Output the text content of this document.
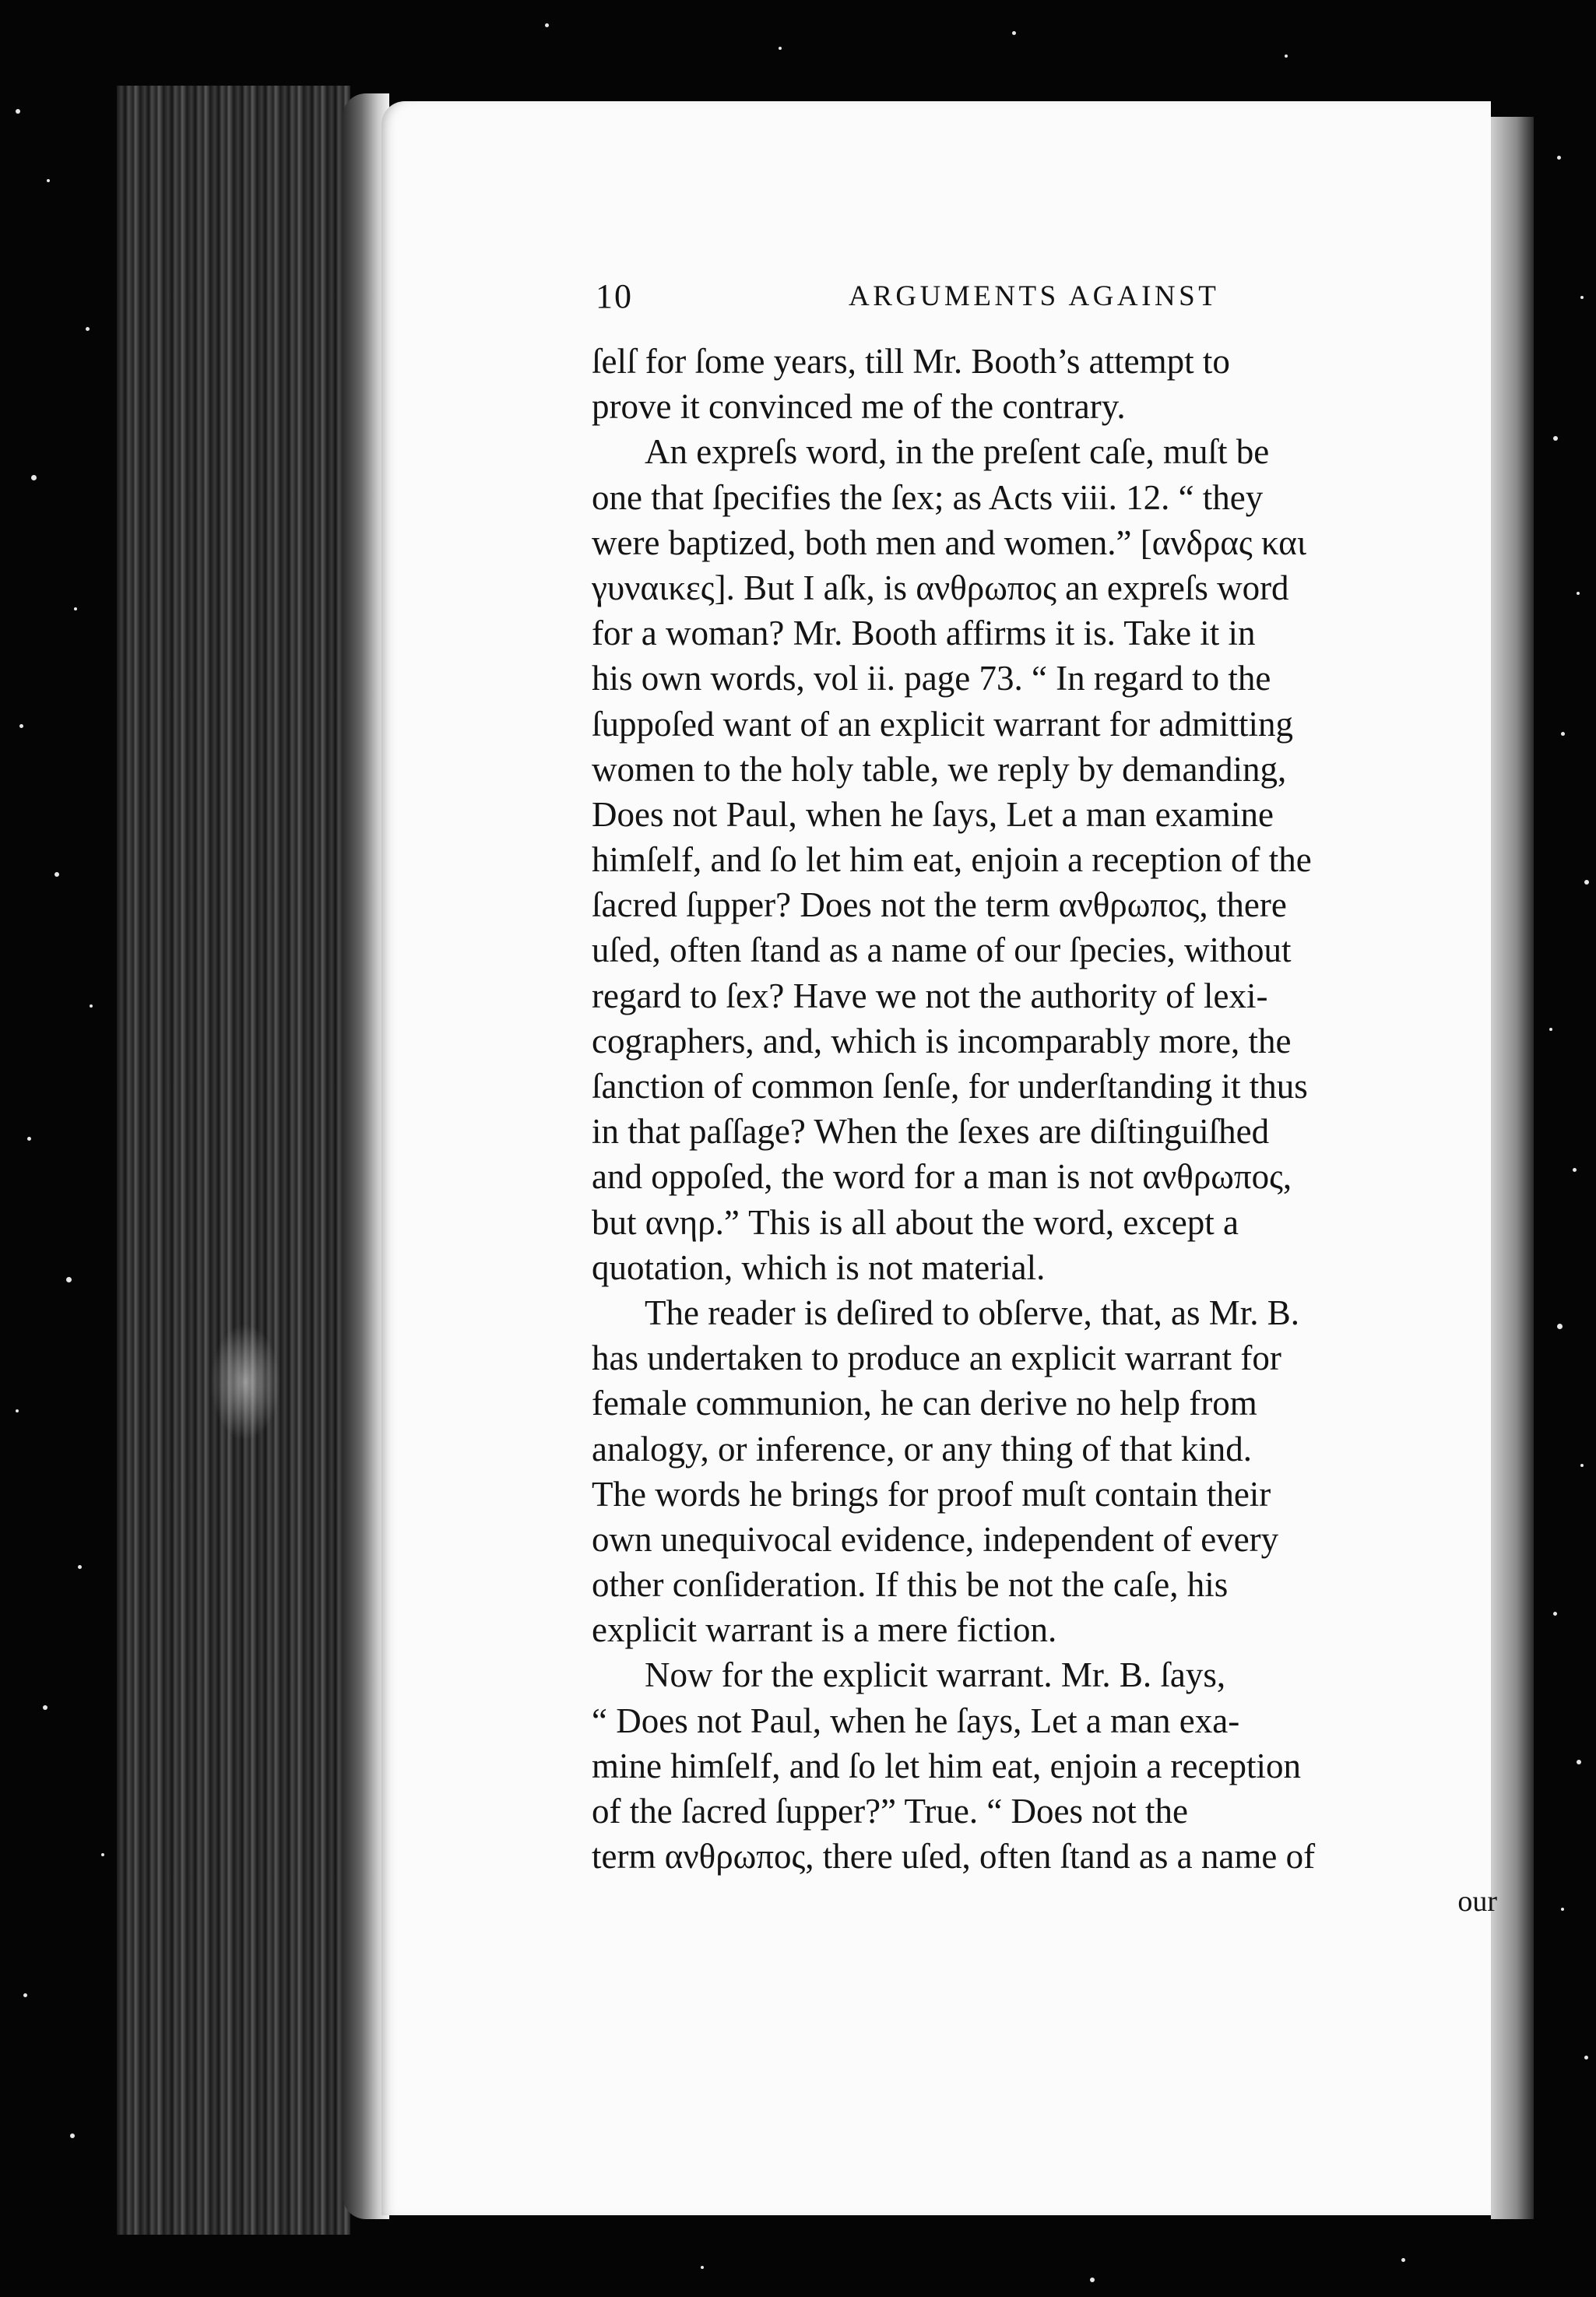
10	ARGUMENTS AGAINST
ſelſ for ſome years, till Mr. Booth’s attempt to
prove it convinced me of the contrary.
An expreſs word, in the preſent caſe, muſt be
one that ſpecifies the ſex; as Acts viii. 12. “ they
were baptized, both men and women.” [ανδρας και
γυναικες]. But I aſk, is ανθρωπος an expreſs word
for a woman? Mr. Booth affirms it is. Take it in
his own words, vol ii. page 73. “ In regard to the
ſuppoſed want of an explicit warrant for admitting
women to the holy table, we reply by demanding,
Does not Paul, when he ſays, Let a man examine
himſelf, and ſo let him eat, enjoin a reception of the
ſacred ſupper? Does not the term ανθρωπος, there
uſed, often ſtand as a name of our ſpecies, without
regard to ſex? Have we not the authority of lexi-
cographers, and, which is incomparably more, the
ſanction of common ſenſe, for underſtanding it thus
in that paſſage? When the ſexes are diſtinguiſhed
and oppoſed, the word for a man is not ανθρωπος,
but ανηρ.” This is all about the word, except a
quotation, which is not material.
The reader is deſired to obſerve, that, as Mr. B.
has undertaken to produce an explicit warrant for
female communion, he can derive no help from
analogy, or inference, or any thing of that kind.
The words he brings for proof muſt contain their
own unequivocal evidence, independent of every
other conſideration. If this be not the caſe, his
explicit warrant is a mere fiction.
Now for the explicit warrant. Mr. B. ſays,
“ Does not Paul, when he ſays, Let a man exa-
mine himſelf, and ſo let him eat, enjoin a reception
of the ſacred ſupper?” True. “ Does not the
term ανθρωπος, there uſed, often ſtand as a name of
our
